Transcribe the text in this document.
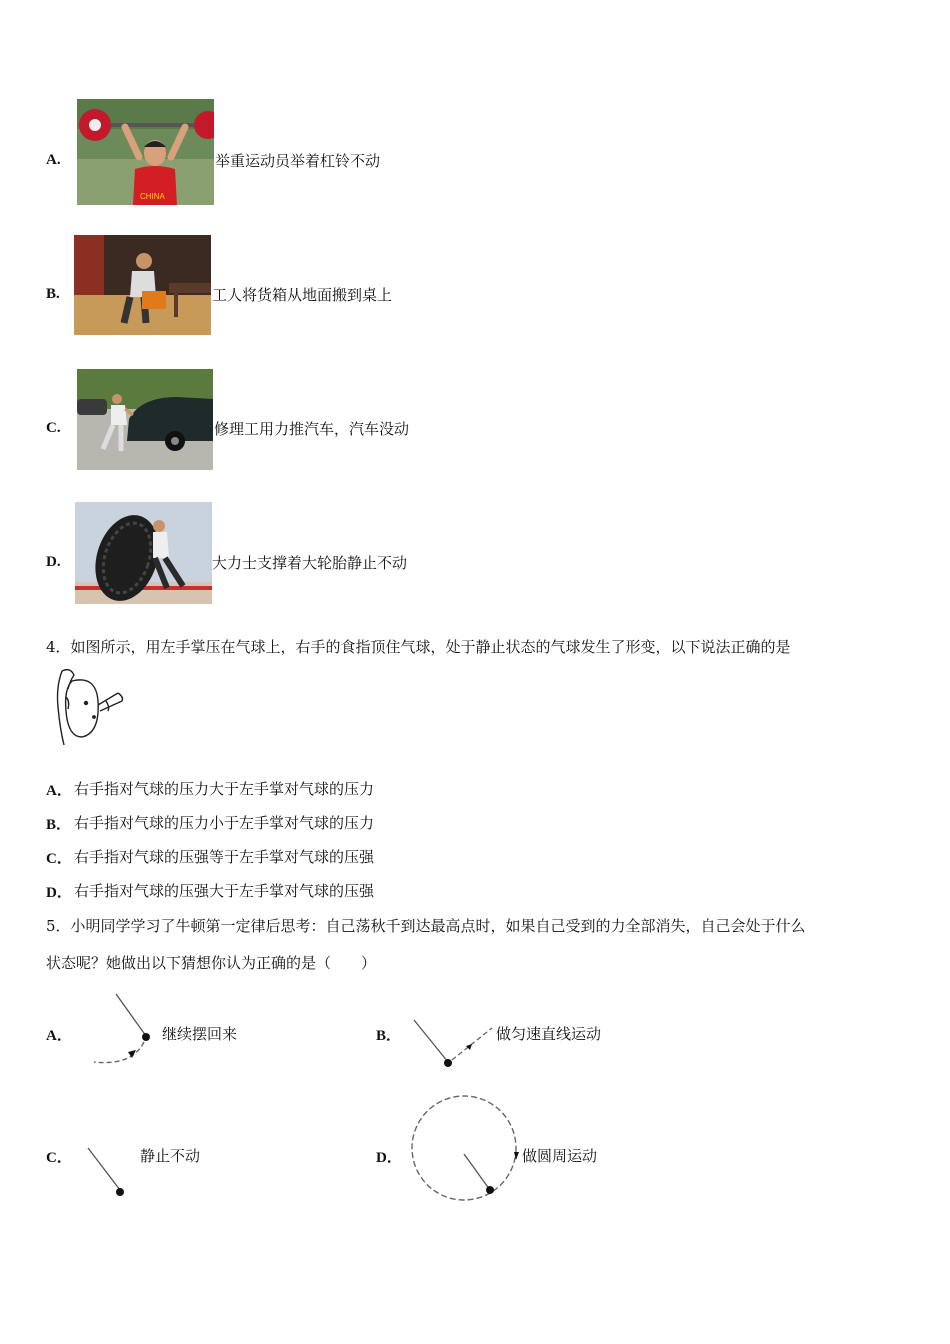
A.
CHINA
举重运动员举着杠铃不动
B.	工人将货箱从地面搬到桌上
C.	修理工用力推汽车，汽车没动
D.	大力士支撑着大轮胎静止不动
4．如图所示，用左手掌压在气球上，右手的食指顶住气球，处于静止状态的气球发生了形变，以下说法正确的是
A． 右手指对气球的压力大于左手掌对气球的压力
B． 右手指对气球的压力小于左手掌对气球的压力
C． 右手指对气球的压强等于左手掌对气球的压强
D． 右手指对气球的压强大于左手掌对气球的压强
5．小明同学学习了牛顿第一定律后思考：自己荡秋千到达最高点时，如果自己受到的力全部消失，自己会处于什么
状态呢？她做出以下猜想你认为正确的是（　　）
A．	继续摆回来	B．	做匀速直线运动
C．	静止不动	D．	做圆周运动
